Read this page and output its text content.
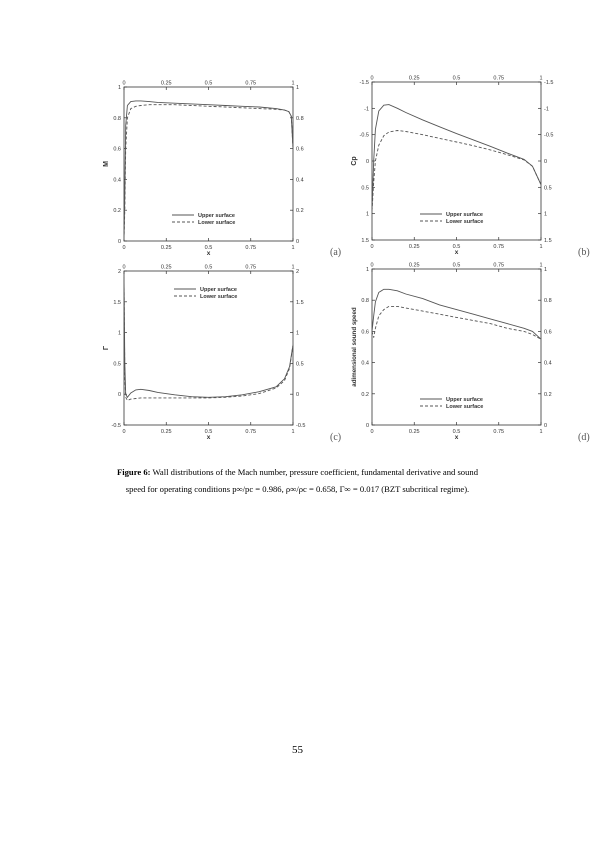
0
0
0.25
0.25
0.5
0.5
0.75
0.75
1
1
0	0
0.2	0.2
0.4	0.4
0.6	0.6
0.8	0.8
1	1
x
M
Upper surface
Lower surface
(a)	0
0
0.25
0.25
0.5
0.5
0.75
0.75
1
1
-1.5	-1.5
-1	-1
-0.5	-0.5
0	0
0.5	0.5
1	1
1.5	1.5
x
Cp
Upper surface
Lower surface
(b)
0
0
0.25
0.25
0.5
0.5
0.75
0.75
1
1
-0.5	-0.5
0	0
0.5	0.5
1	1
1.5	1.5
2	2
x
Γ
Upper surface
Lower surface
(c)	0
0
0.25
0.25
0.5
0.5
0.75
0.75
1
1
0	0
0.2	0.2
0.4	0.4
0.6	0.6
0.8	0.8
1	1
x
adimensional sound speed
Upper surface
Lower surface
(d)
Figure 6: Wall distributions of the Mach number, pressure coefficient, fundamental derivative and sound speed for operating conditions p∞/pc = 0.986, ρ∞/ρc = 0.658, Γ∞ = 0.017 (BZT subcritical regime).
55
